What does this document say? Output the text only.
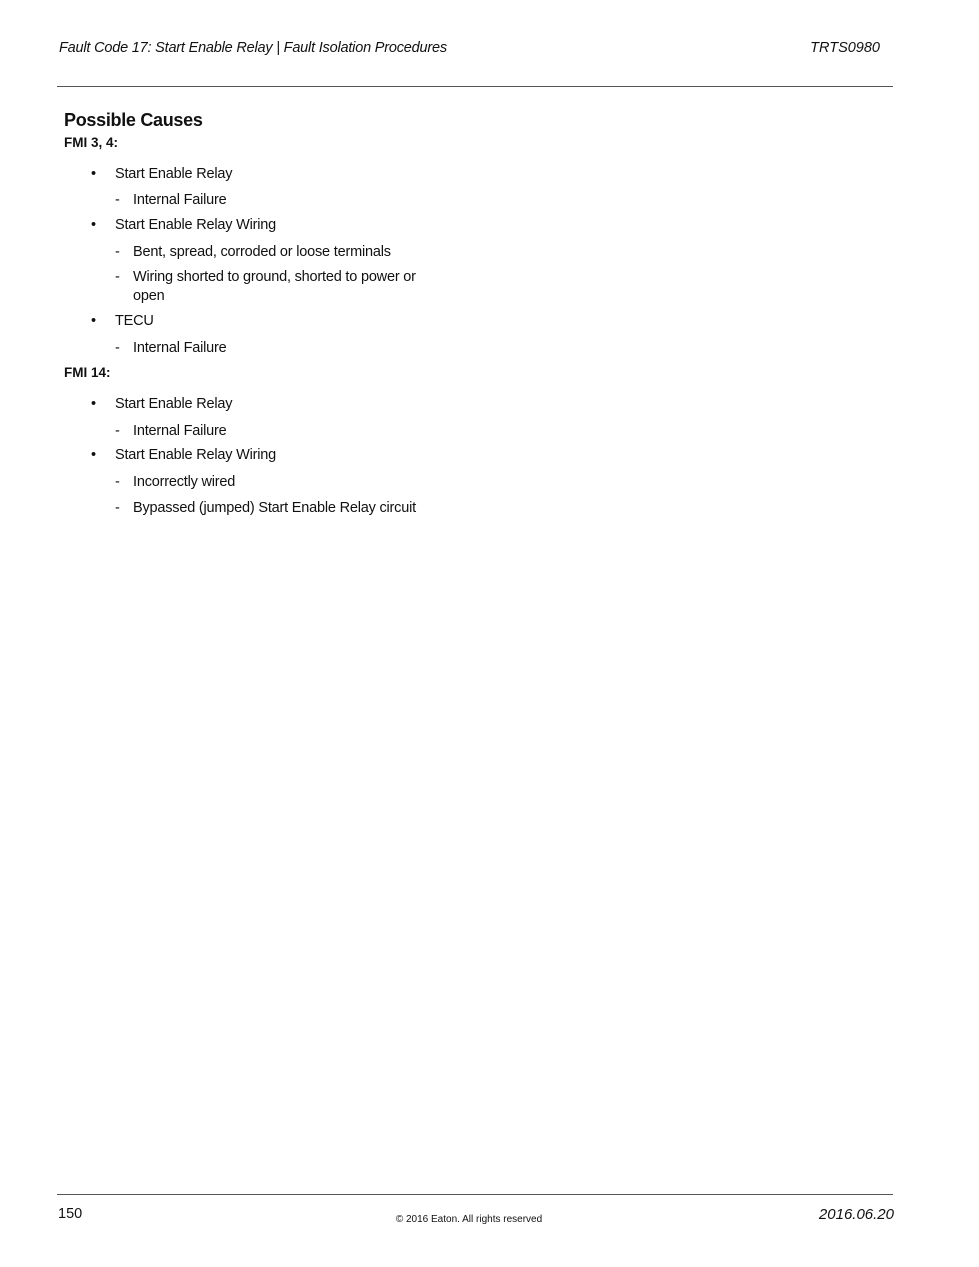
Fault Code 17: Start Enable Relay | Fault Isolation Procedures	TRTS0980
Possible Causes
FMI 3, 4:
• Start Enable Relay
- Internal Failure
• Start Enable Relay Wiring
- Bent, spread, corroded or loose terminals
- Wiring shorted to ground, shorted to power or open
• TECU
- Internal Failure
FMI 14:
• Start Enable Relay
- Internal Failure
• Start Enable Relay Wiring
- Incorrectly wired
- Bypassed (jumped) Start Enable Relay circuit
150	© 2016 Eaton. All rights reserved	2016.06.20
